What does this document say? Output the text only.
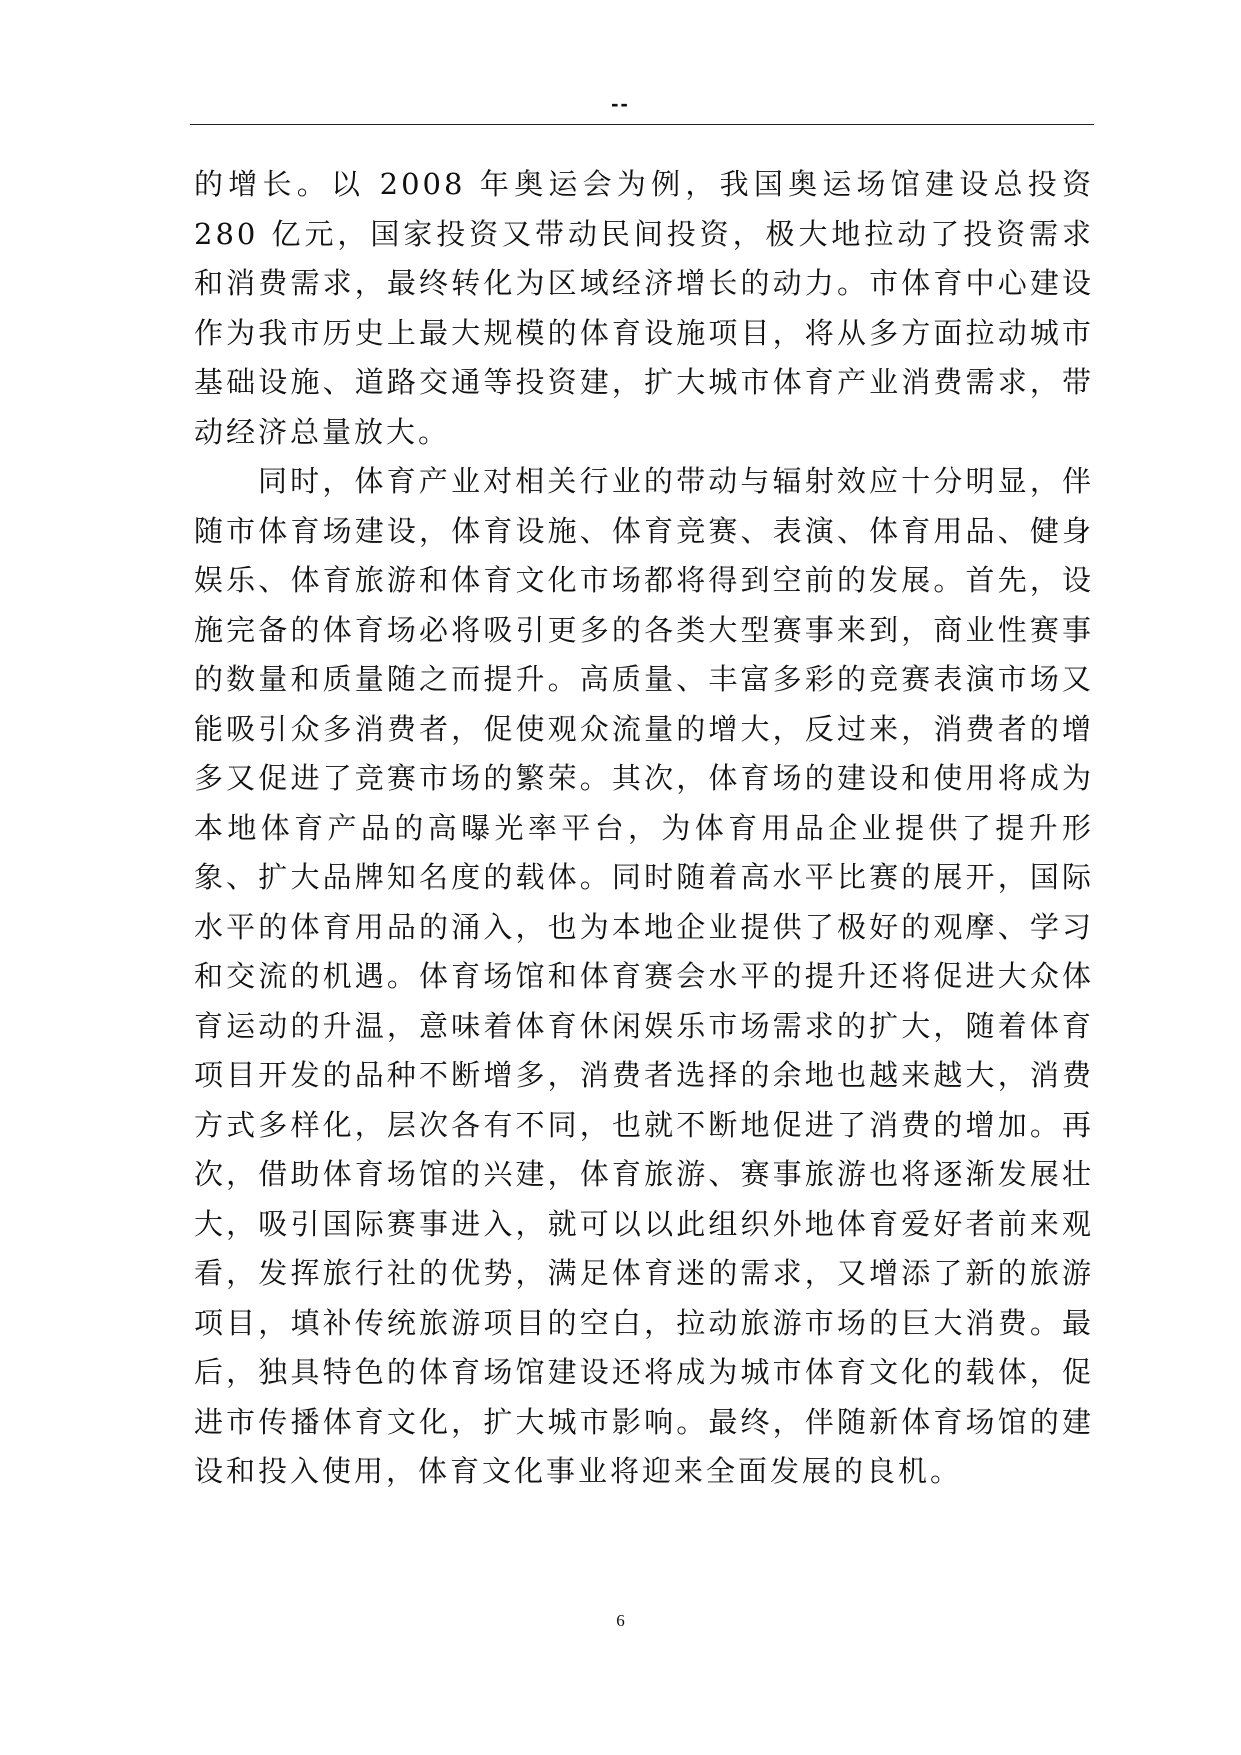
--

的增长。以 2008 年奥运会为例，我国奥运场馆建设总投资 280 亿元，国家投资又带动民间投资，极大地拉动了投资需求和消费需求，最终转化为区域经济增长的动力。市体育中心建设作为我市历史上最大规模的体育设施项目，将从多方面拉动城市基础设施、道路交通等投资建，扩大城市体育产业消费需求，带动经济总量放大。

同时，体育产业对相关行业的带动与辐射效应十分明显，伴随市体育场建设，体育设施、体育竞赛、表演、体育用品、健身娱乐、体育旅游和体育文化市场都将得到空前的发展。首先，设施完备的体育场必将吸引更多的各类大型赛事来到，商业性赛事的数量和质量随之而提升。高质量、丰富多彩的竞赛表演市场又能吸引众多消费者，促使观众流量的增大，反过来，消费者的增多又促进了竞赛市场的繁荣。其次，体育场的建设和使用将成为本地体育产品的高曝光率平台，为体育用品企业提供了提升形象、扩大品牌知名度的载体。同时随着高水平比赛的展开，国际水平的体育用品的涌入，也为本地企业提供了极好的观摩、学习和交流的机遇。体育场馆和体育赛会水平的提升还将促进大众体育运动的升温，意味着体育休闲娱乐市场需求的扩大，随着体育项目开发的品种不断增多，消费者选择的余地也越来越大，消费方式多样化，层次各有不同，也就不断地促进了消费的增加。再次，借助体育场馆的兴建，体育旅游、赛事旅游也将逐渐发展壮大，吸引国际赛事进入，就可以以此组织外地体育爱好者前来观看，发挥旅行社的优势，满足体育迷的需求，又增添了新的旅游项目，填补传统旅游项目的空白，拉动旅游市场的巨大消费。最后，独具特色的体育场馆建设还将成为城市体育文化的载体，促进市传播体育文化，扩大城市影响。最终，伴随新体育场馆的建设和投入使用，体育文化事业将迎来全面发展的良机。

6
